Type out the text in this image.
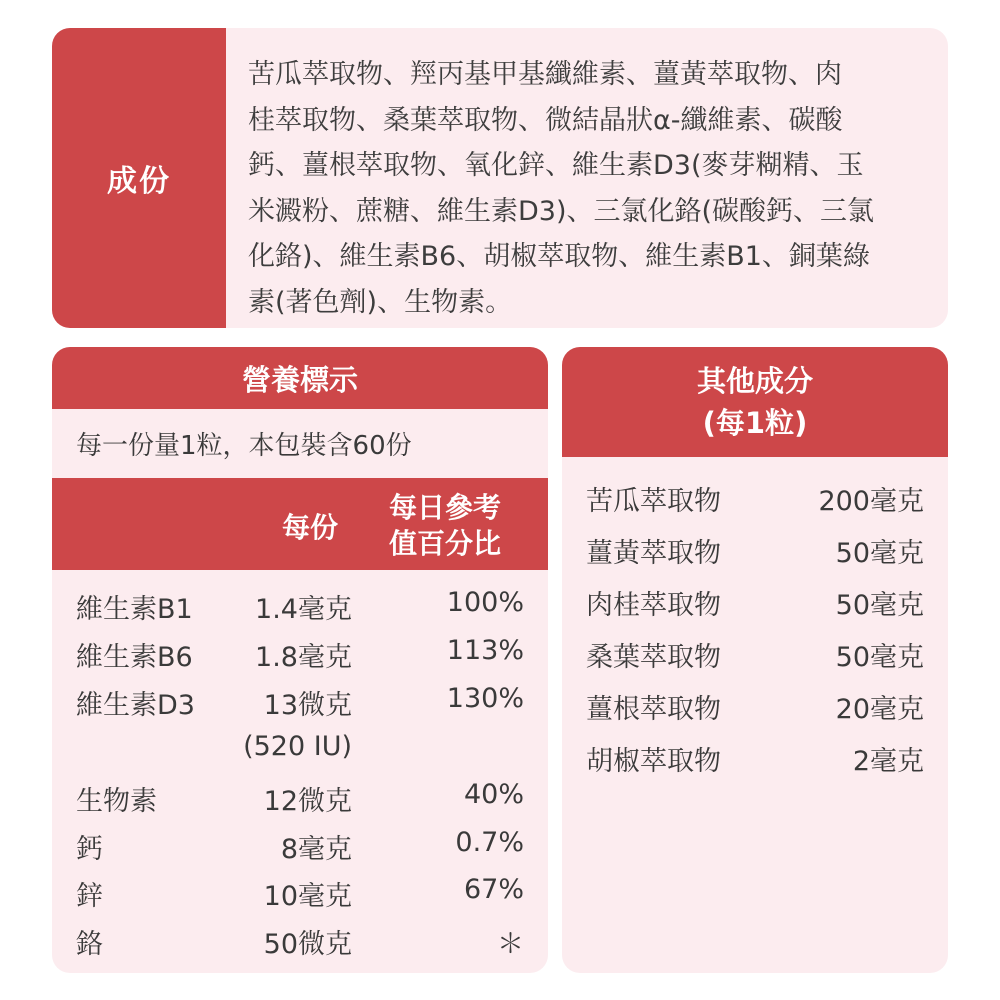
成份
苦瓜萃取物、羥丙基甲基纖維素、薑黃萃取物、肉
桂萃取物、桑葉萃取物、微結晶狀α-纖維素、碳酸
鈣、薑根萃取物、氧化鋅、維生素D3(麥芽糊精、玉
米澱粉、蔗糖、維生素D3)、三氯化鉻(碳酸鈣、三氯
化鉻)、維生素B6、胡椒萃取物、維生素B1、銅葉綠
素(著色劑)、生物素。
營養標示
每一份量1粒，本包裝含60份
每份
每日參考
值百分比
維生素B1 1.4毫克	100%
維生素B6 1.8毫克	113%
維生素D3	13微克	130%
(520 IU)
生物素	12微克	40%
鈣	8毫克	0.7%
鋅	10毫克	67%
鉻	50微克	＊
其他成分
(每1粒)
苦瓜萃取物	200毫克
薑黃萃取物	50毫克
肉桂萃取物	50毫克
桑葉萃取物	50毫克
薑根萃取物	20毫克
胡椒萃取物	2毫克
